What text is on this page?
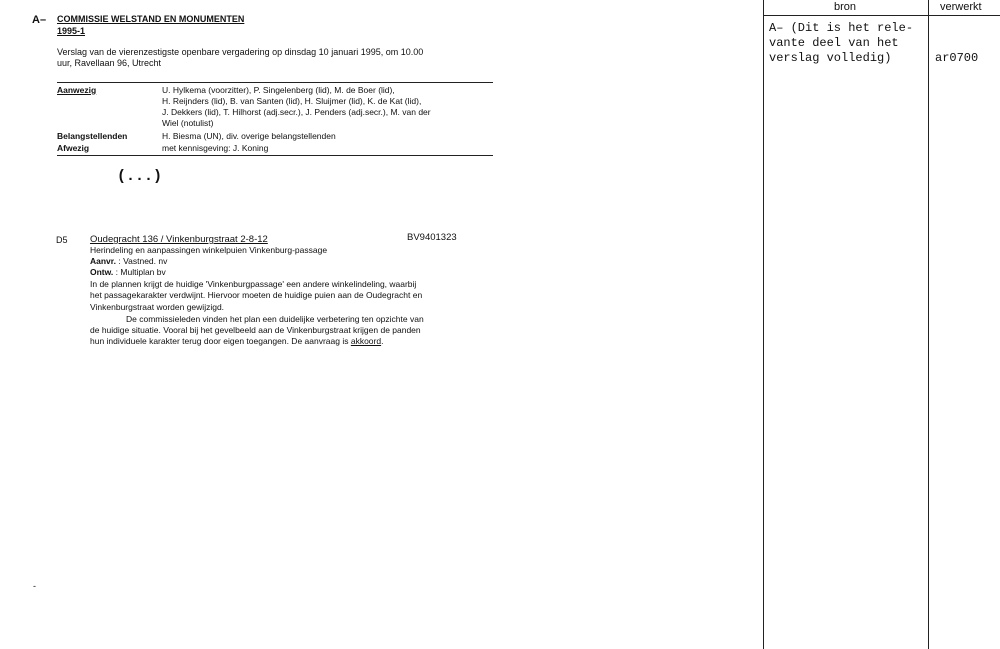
A– COMMISSIE WELSTAND EN MONUMENTEN
1995-1
Verslag van de vierenzestigste openbare vergadering op dinsdag 10 januari 1995, om 10.00
uur, Ravellaan 96, Utrecht
Aanwezig	U. Hylkema (voorzitter), P. Singelenberg (lid), M. de Boer (lid),
H. Reijnders (lid), B. van Santen (lid), H. Sluijmer (lid), K. de Kat (lid),
J. Dekkers (lid), T. Hilhorst (adj.secr.), J. Penders (adj.secr.), M. van der
Wiel (notulist)
Belangstellenden	H. Biesma (UN), div. overige belangstellenden
Afwezig	met kennisgeving: J. Koning
(...)
D5 Oudegracht 136 / Vinkenburgstraat 2-8-12	BV9401323
Herindeling en aanpassingen winkelpuien Vinkenburg-passage
Aanvr. : Vastned. nv
Ontw. : Multiplan bv
In de plannen krijgt de huidige 'Vinkenburgpassage' een andere winkelindeling, waarbij
het passagekarakter verdwijnt. Hiervoor moeten de huidige puien aan de Oudegracht en
Vinkenburgstraat worden gewijzigd.
De commissieleden vinden het plan een duidelijke verbetering ten opzichte van
de huidige situatie. Vooral bij het gevelbeeld aan de Vinkenburgstraat krijgen de panden
hun individuele karakter terug door eigen toegangen. De aanvraag is akkoord.
-
bron	verwerkt
A– (Dit is het rele-
vante deel van het
verslag volledig)	ar0700
